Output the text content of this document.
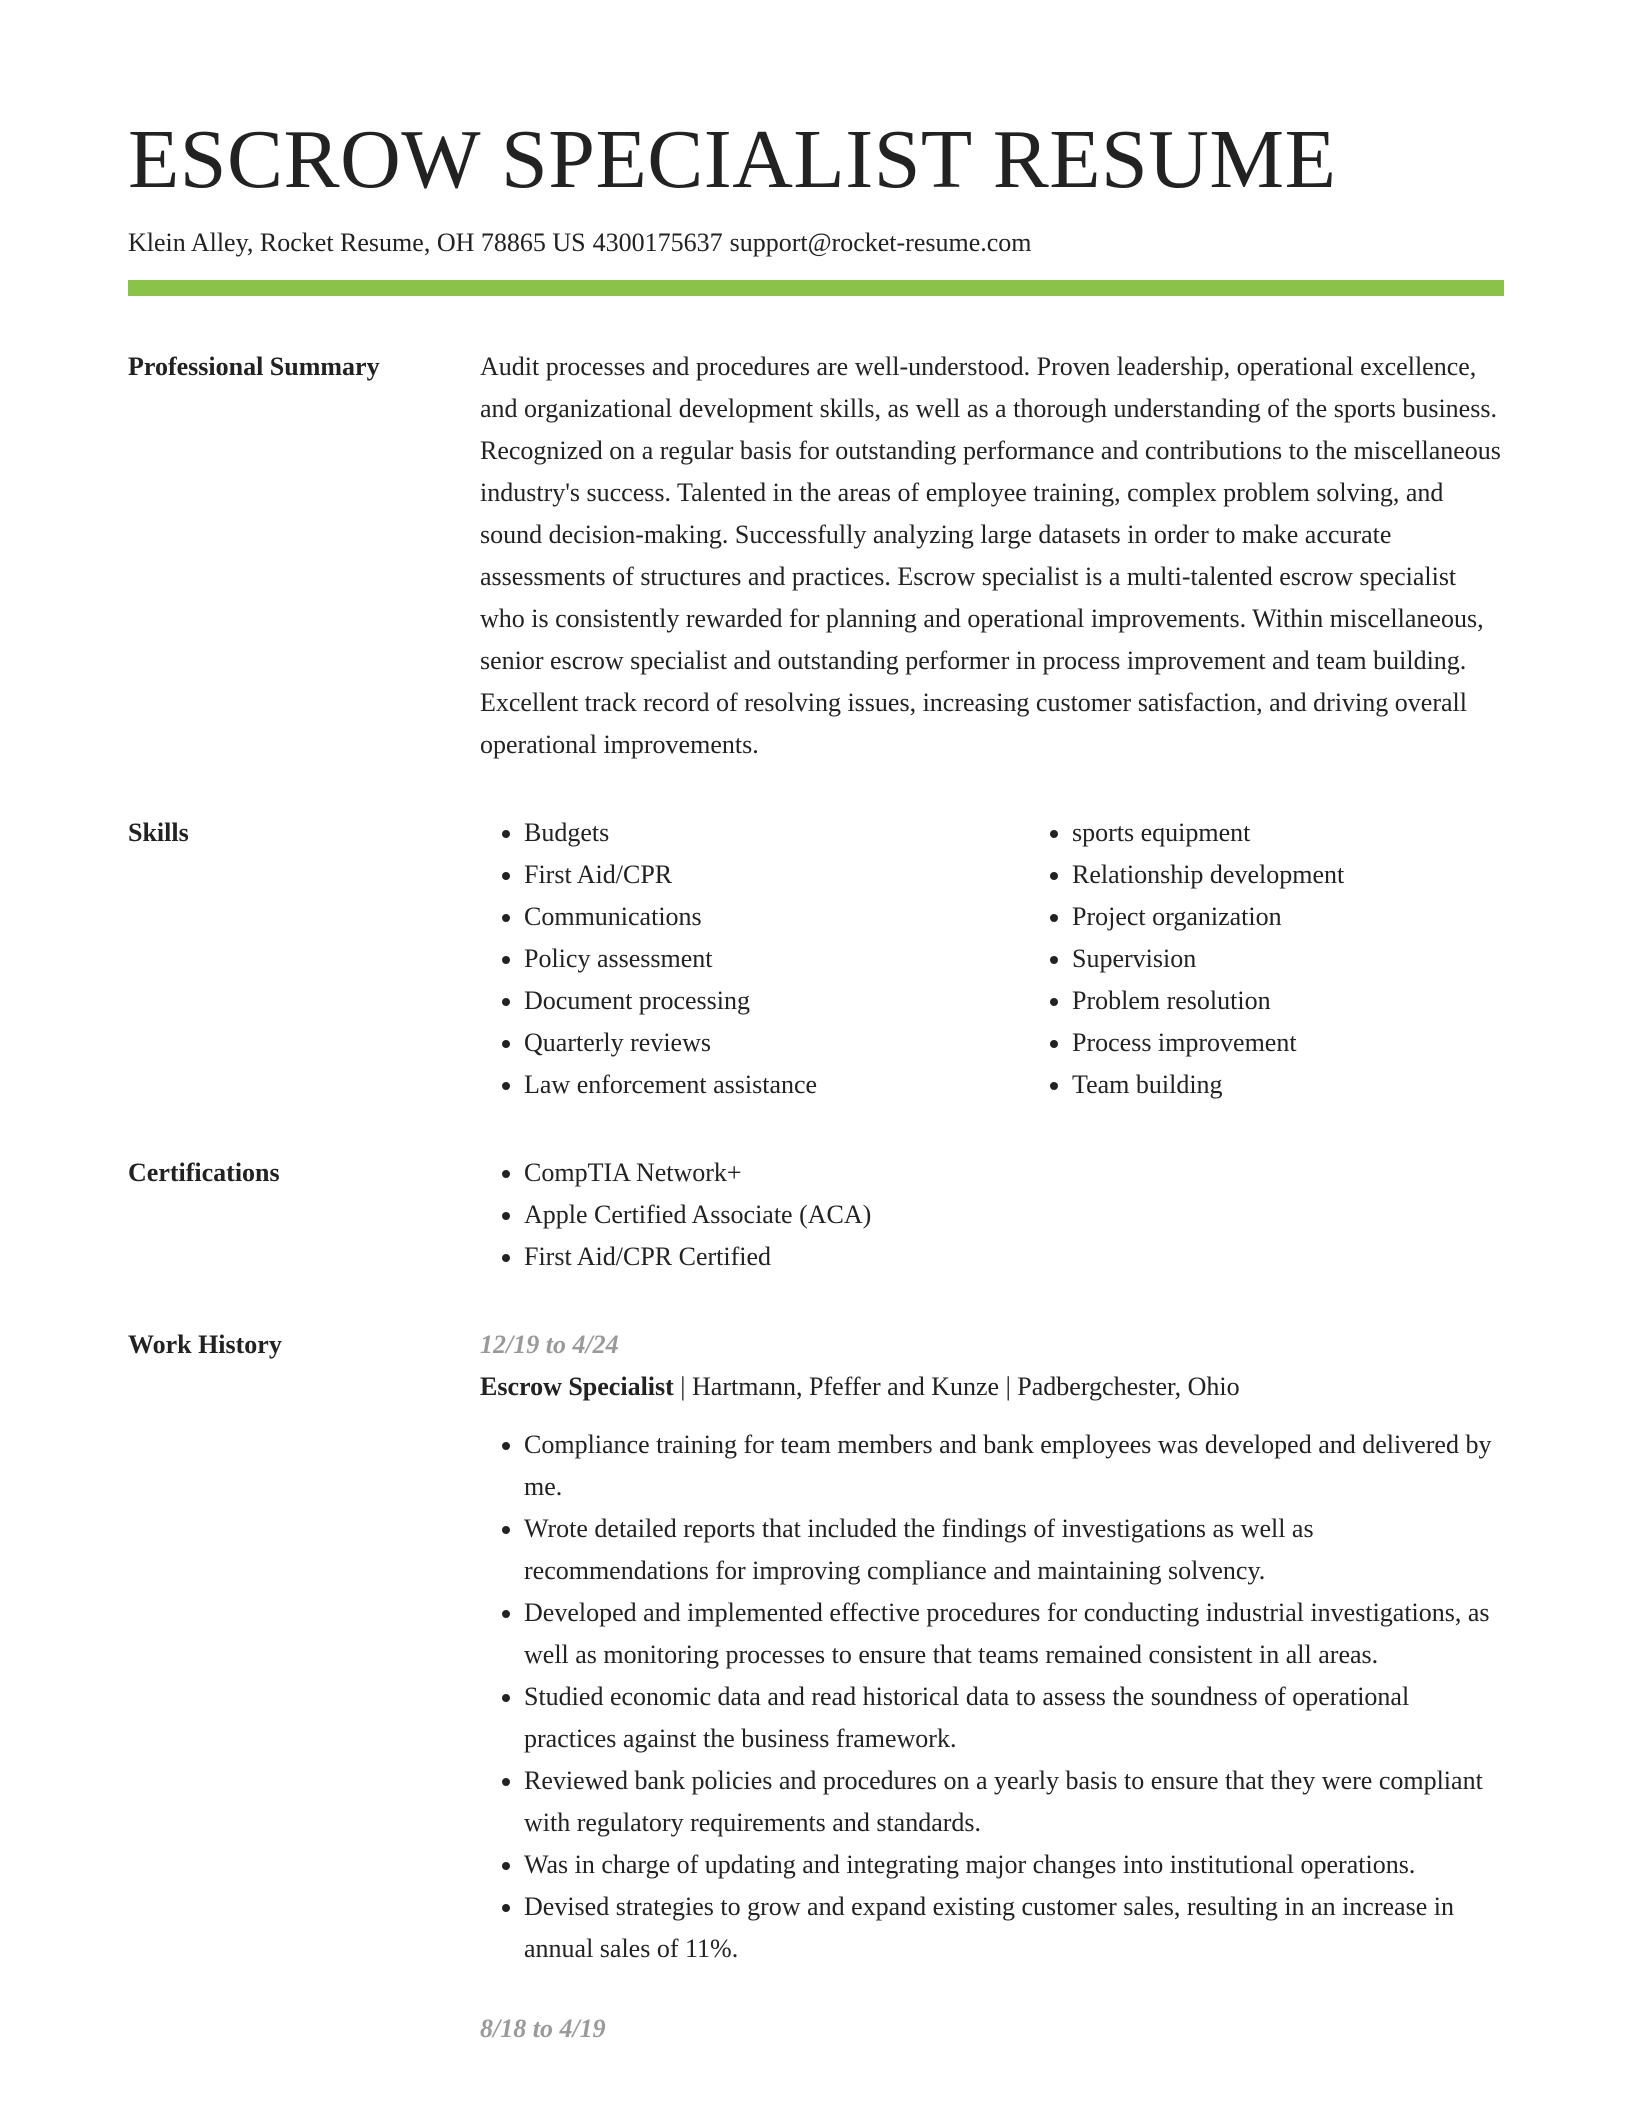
ESCROW SPECIALIST RESUME
Klein Alley, Rocket Resume, OH 78865 US 4300175637 support@rocket-resume.com
Professional Summary	Audit processes and procedures are well-understood. Proven leadership, operational excellence, and organizational development skills, as well as a thorough understanding of the sports business. Recognized on a regular basis for outstanding performance and contributions to the miscellaneous industry's success. Talented in the areas of employee training, complex problem solving, and sound decision-making. Successfully analyzing large datasets in order to make accurate assessments of structures and practices. Escrow specialist is a multi-talented escrow specialist who is consistently rewarded for planning and operational improvements. Within miscellaneous, senior escrow specialist and outstanding performer in process improvement and team building. Excellent track record of resolving issues, increasing customer satisfaction, and driving overall operational improvements.

Skills	• Budgets
• First Aid/CPR
• Communications
• Policy assessment
• Document processing
• Quarterly reviews
• Law enforcement assistance
• sports equipment
• Relationship development
• Project organization
• Supervision
• Problem resolution
• Process improvement
• Team building
Certifications	• CompTIA Network+
• Apple Certified Associate (ACA)
• First Aid/CPR Certified
Work History	12/19 to 4/24
Escrow Specialist | Hartmann, Pfeffer and Kunze | Padbergchester, Ohio
• Compliance training for team members and bank employees was developed and delivered by me.
• Wrote detailed reports that included the findings of investigations as well as recommendations for improving compliance and maintaining solvency.
• Developed and implemented effective procedures for conducting industrial investigations, as well as monitoring processes to ensure that teams remained consistent in all areas.
• Studied economic data and read historical data to assess the soundness of operational practices against the business framework.
• Reviewed bank policies and procedures on a yearly basis to ensure that they were compliant with regulatory requirements and standards.
• Was in charge of updating and integrating major changes into institutional operations.
• Devised strategies to grow and expand existing customer sales, resulting in an increase in annual sales of 11%.
8/18 to 4/19
